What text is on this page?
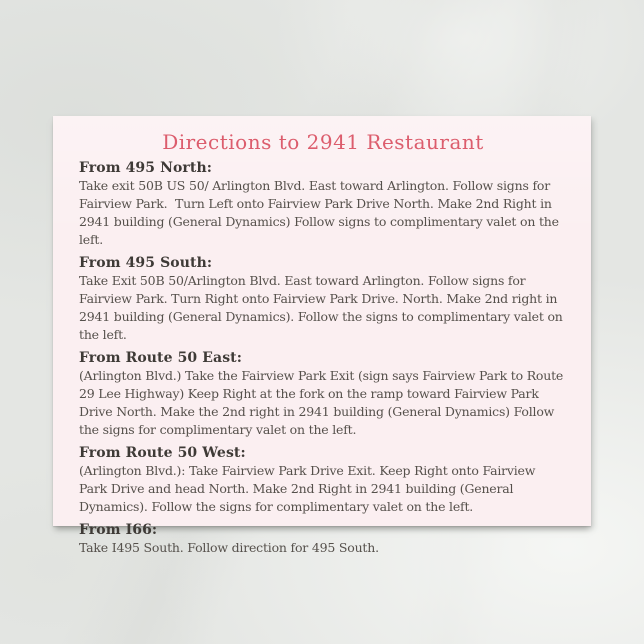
Directions to 2941 Restaurant
From 495 North:

Take exit 50B US 50/ Arlington Blvd. East toward Arlington. Follow signs for Fairview Park.  Turn Left onto Fairview Park Drive North. Make 2nd Right in 2941 building (General Dynamics) Follow signs to complimentary valet on the left.

From 495 South:

Take Exit 50B 50/Arlington Blvd. East toward Arlington. Follow signs for Fairview Park. Turn Right onto Fairview Park Drive. North. Make 2nd right in 2941 building (General Dynamics). Follow the signs to complimentary valet on the left.

From Route 50 East:

(Arlington Blvd.) Take the Fairview Park Exit (sign says Fairview Park to Route 29 Lee Highway) Keep Right at the fork on the ramp toward Fairview Park Drive North. Make the 2nd right in 2941 building (General Dynamics) Follow the signs for complimentary valet on the left.

From Route 50 West:

(Arlington Blvd.): Take Fairview Park Drive Exit. Keep Right onto Fairview Park Drive and head North. Make 2nd Right in 2941 building (General Dynamics). Follow the signs for complimentary valet on the left.

From I66:

Take I495 South. Follow direction for 495 South.
